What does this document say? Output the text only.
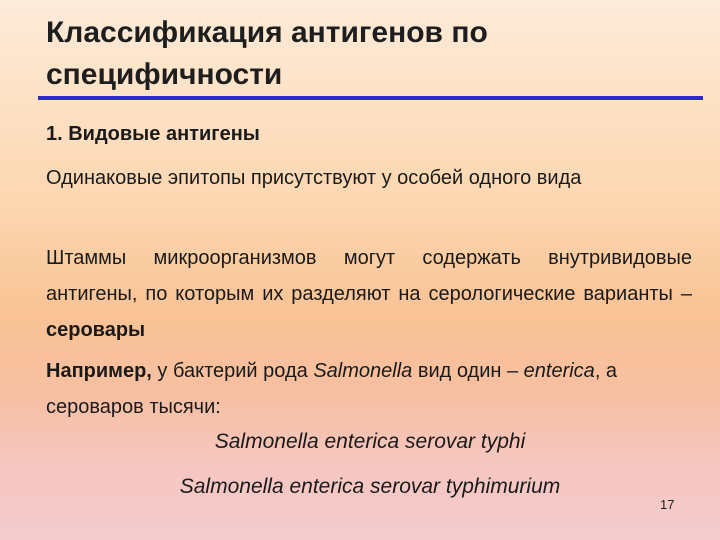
Классификация антигенов по специфичности

1. Видовые антигены

Одинаковые эпитопы присутствуют у особей одного вида

Штаммы микроорганизмов могут содержать внутривидовые антигены, по которым их разделяют на серологические варианты – серовары

Например, у бактерий рода Salmonella вид один – enterica, а сероваров тысячи:

Salmonella enterica serovar typhi

Salmonella enterica serovar typhimurium

17
